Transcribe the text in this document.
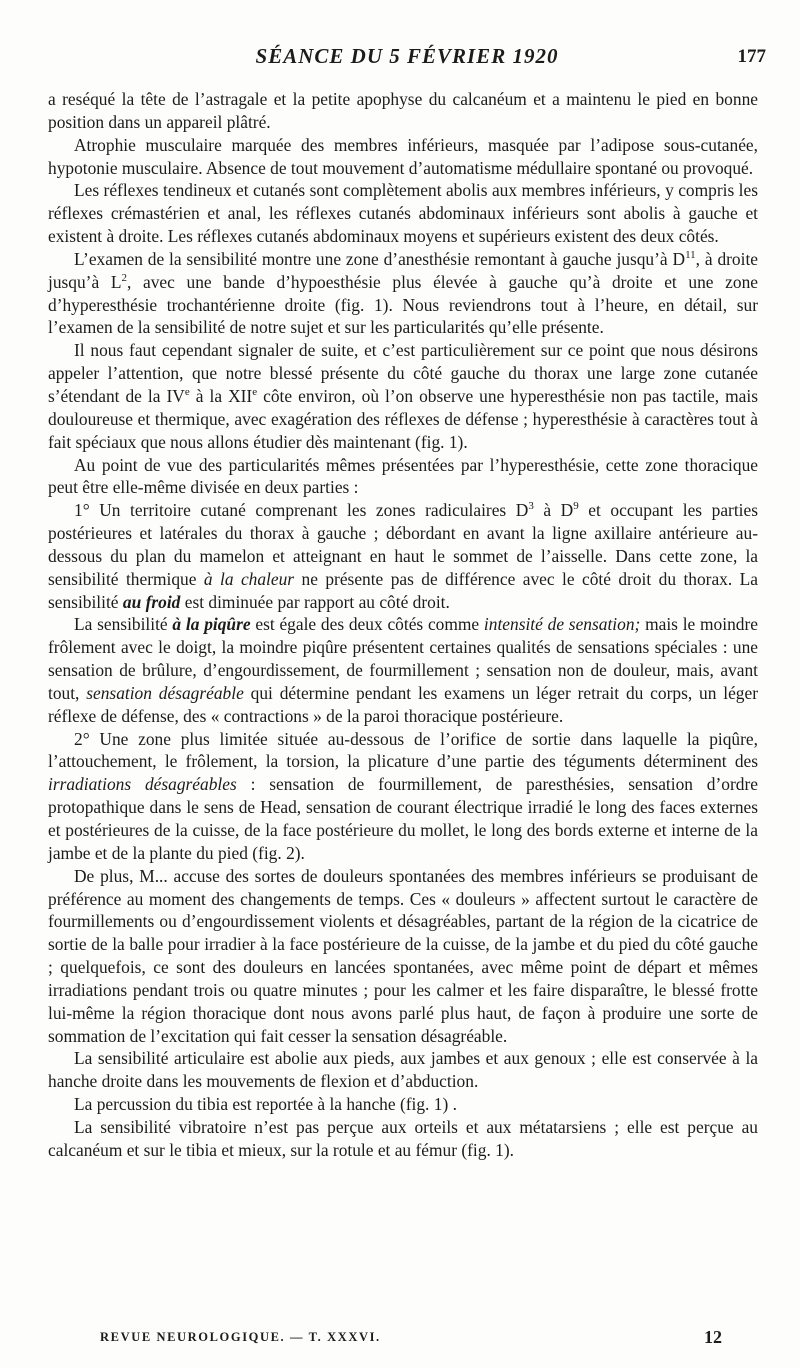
SÉANCE DU 5 FÉVRIER 1920	177

a reséqué la tête de l’astragale et la petite apophyse du calcanéum et a maintenu le pied en bonne position dans un appareil plâtré.

Atrophie musculaire marquée des membres inférieurs, masquée par l’adipose sous-cutanée, hypotonie musculaire. Absence de tout mouvement d’automatisme médullaire spontané ou provoqué.

Les réflexes tendineux et cutanés sont complètement abolis aux membres inférieurs, y compris les réflexes crémastérien et anal, les réflexes cutanés abdominaux inférieurs sont abolis à gauche et existent à droite. Les réflexes cutanés abdominaux moyens et supérieurs existent des deux côtés.

L’examen de la sensibilité montre une zone d’anesthésie remontant à gauche jusqu’à $D^{11}$, à droite jusqu’à $L^2$, avec une bande d’hypoesthésie plus élevée à gauche qu’à droite et une zone d’hyperesthésie trochantérienne droite (fig. 1). Nous reviendrons tout à l’heure, en détail, sur l’examen de la sensibilité de notre sujet et sur les particularités qu’elle présente.

Il nous faut cependant signaler de suite, et c’est particulièrement sur ce point que nous désirons appeler l’attention, que notre blessé présente du côté gauche du thorax une large zone cutanée s’étendant de la IVe à la XIIe côte environ, où l’on observe une hyperesthésie non pas tactile, mais douloureuse et thermique, avec exagération des réflexes de défense ; hyperesthésie à caractères tout à fait spéciaux que nous allons étudier dès maintenant (fig. 1).

Au point de vue des particularités mêmes présentées par l’hyperesthésie, cette zone thoracique peut être elle-même divisée en deux parties :

1° Un territoire cutané comprenant les zones radiculaires $D^3$ à $D^9$ et occupant les parties postérieures et latérales du thorax à gauche ; débordant en avant la ligne axillaire antérieure au-dessous du plan du mamelon et atteignant en haut le sommet de l’aisselle. Dans cette zone, la sensibilité thermique à la chaleur ne présente pas de différence avec le côté droit du thorax. La sensibilité au froid est diminuée par rapport au côté droit.

La sensibilité à la piqûre est égale des deux côtés comme intensité de sensation; mais le moindre frôlement avec le doigt, la moindre piqûre présentent certaines qualités de sensations spéciales : une sensation de brûlure, d’engourdissement, de fourmillement ; sensation non de douleur, mais, avant tout, sensation désagréable qui détermine pendant les examens un léger retrait du corps, un léger réflexe de défense, des « contractions » de la paroi thoracique postérieure.

2° Une zone plus limitée située au-dessous de l’orifice de sortie dans laquelle la piqûre, l’attouchement, le frôlement, la torsion, la plicature d’une partie des téguments déterminent des irradiations désagréables : sensation de fourmillement, de paresthésies, sensation d’ordre protopathique dans le sens de Head, sensation de courant électrique irradié le long des faces externes et postérieures de la cuisse, de la face postérieure du mollet, le long des bords externe et interne de la jambe et de la plante du pied (fig. 2).

De plus, M... accuse des sortes de douleurs spontanées des membres inférieurs se produisant de préférence au moment des changements de temps. Ces « douleurs » affectent surtout le caractère de fourmillements ou d’engourdissement violents et désagréables, partant de la région de la cicatrice de sortie de la balle pour irradier à la face postérieure de la cuisse, de la jambe et du pied du côté gauche ; quelquefois, ce sont des douleurs en lancées spontanées, avec même point de départ et mêmes irradiations pendant trois ou quatre minutes ; pour les calmer et les faire disparaître, le blessé frotte lui-même la région thoracique dont nous avons parlé plus haut, de façon à produire une sorte de sommation de l’excitation qui fait cesser la sensation désagréable.

La sensibilité articulaire est abolie aux pieds, aux jambes et aux genoux ; elle est conservée à la hanche droite dans les mouvements de flexion et d’abduction.

La percussion du tibia est reportée à la hanche (fig. 1) .

La sensibilité vibratoire n’est pas perçue aux orteils et aux métatarsiens ; elle est perçue au calcanéum et sur le tibia et mieux, sur la rotule et au fémur (fig. 1).

REVUE NEUROLOGIQUE. — T. XXXVI.	12
